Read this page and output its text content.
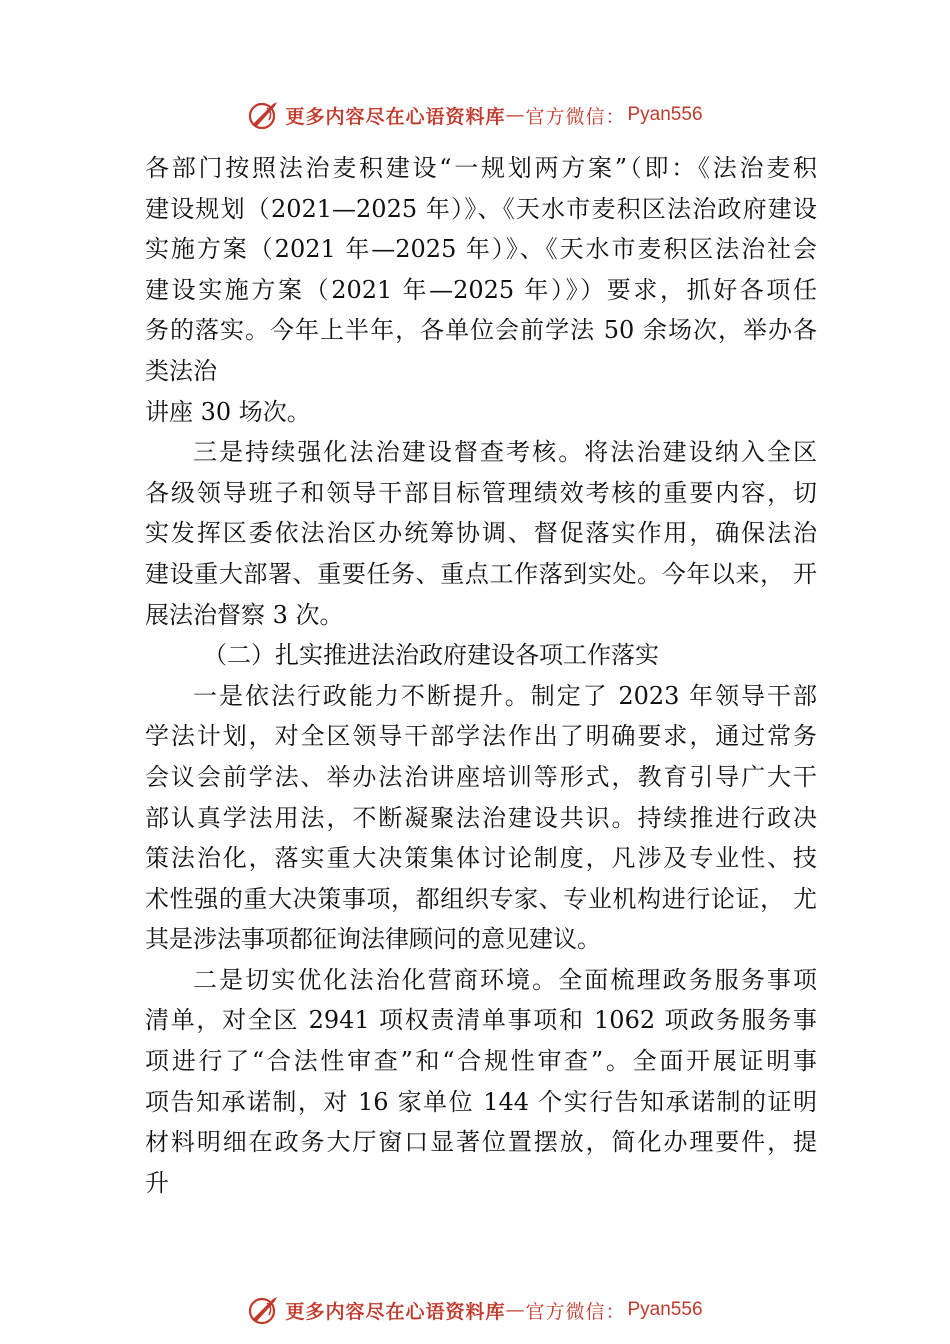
更多内容尽在心语资料库 — 官方微信： Pyan556
各部门按照法治麦积建设“一规划两方案”（即：《法治麦积
建设规划（2021—2025 年）》、《天水市麦积区法治政府建设
实施方案（2021 年—2025 年）》、《天水市麦积区法治社会
建设实施方案（2021 年—2025 年）》）要求，抓好各项任
务的落实。今年上半年，各单位会前学法 50 余场次，举办各
类法治
讲座 30 场次。
三是持续强化法治建设督查考核。将法治建设纳入全区
各级领导班子和领导干部目标管理绩效考核的重要内容，切
实发挥区委依法治区办统筹协调、督促落实作用，确保法治
建设重大部署、重要任务、重点工作落到实处。今年以来， 开
展法治督察 3 次。
（二）扎实推进法治政府建设各项工作落实
一是依法行政能力不断提升。制定了 2023 年领导干部
学法计划，对全区领导干部学法作出了明确要求，通过常务
会议会前学法、举办法治讲座培训等形式，教育引导广大干
部认真学法用法，不断凝聚法治建设共识。持续推进行政决
策法治化，落实重大决策集体讨论制度，凡涉及专业性、技
术性强的重大决策事项，都组织专家、专业机构进行论证， 尤
其是涉法事项都征询法律顾问的意见建议。
二是切实优化法治化营商环境。全面梳理政务服务事项
清单，对全区 2941 项权责清单事项和 1062 项政务服务事
项进行了“合法性审查”和“合规性审查”。全面开展证明事
项告知承诺制，对 16 家单位 144 个实行告知承诺制的证明
材料明细在政务大厅窗口显著位置摆放，简化办理要件，提
升
更多内容尽在心语资料库 — 官方微信： Pyan556
